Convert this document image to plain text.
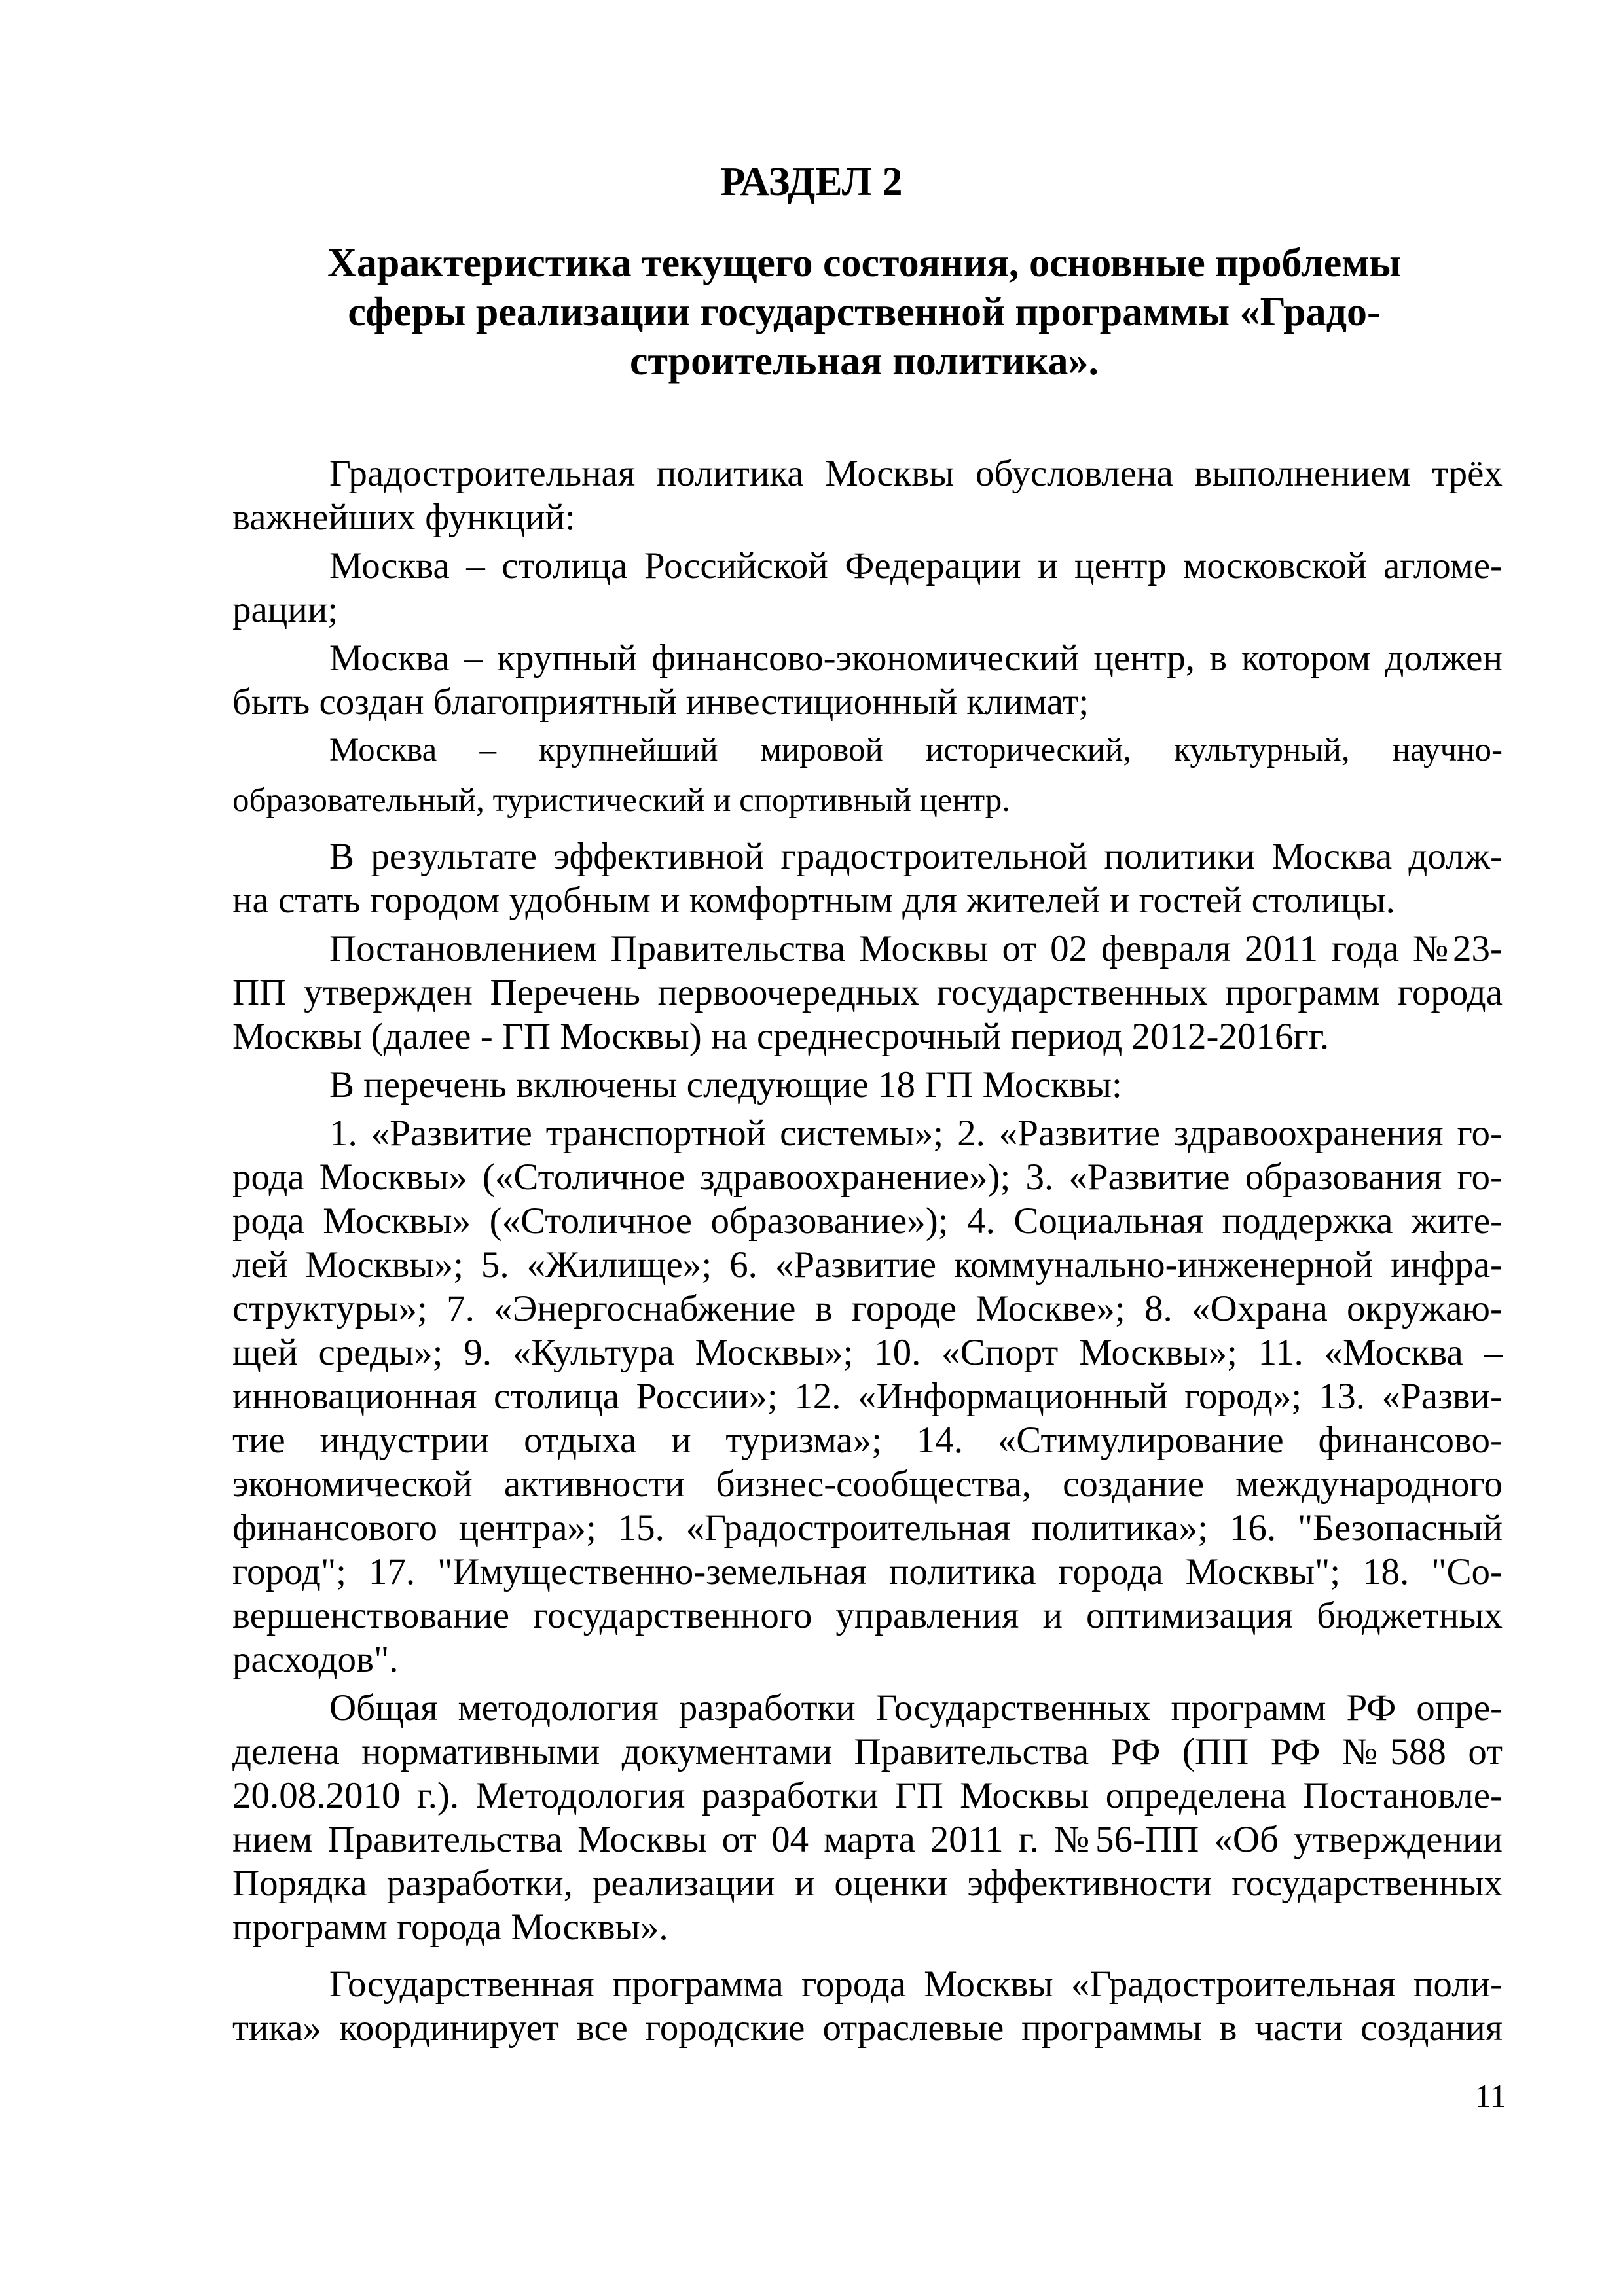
РАЗДЕЛ 2
Характеристика текущего состояния, основные проблемы
сферы реализации государственной программы «Градо-
строительная политика».
Градостроительная политика Москвы обусловлена выполнением трёх
важнейших функций:
Москва – столица Российской Федерации и центр московской агломе-
рации;
Москва – крупный финансово-экономический центр, в котором должен
быть создан благоприятный инвестиционный климат;
Москва – крупнейший мировой исторический, культурный, научно-
образовательный, туристический и спортивный центр.
В результате эффективной градостроительной политики Москва долж-
на стать городом удобным и комфортным для жителей и гостей столицы.
Постановлением Правительства Москвы от 02 февраля 2011 года №23-
ПП утвержден Перечень первоочередных государственных программ города
Москвы (далее - ГП Москвы) на среднесрочный период 2012-2016гг.
В перечень включены следующие 18 ГП Москвы:
1. «Развитие транспортной системы»; 2. «Развитие здравоохранения го-
рода Москвы» («Столичное здравоохранение»); 3. «Развитие образования го-
рода Москвы» («Столичное образование»); 4. Социальная поддержка жите-
лей Москвы»; 5. «Жилище»; 6. «Развитие коммунально-инженерной инфра-
структуры»; 7. «Энергоснабжение в городе Москве»; 8. «Охрана окружаю-
щей среды»; 9. «Культура Москвы»; 10. «Спорт Москвы»; 11. «Москва –
инновационная столица России»; 12. «Информационный город»; 13. «Разви-
тие индустрии отдыха и туризма»; 14. «Стимулирование финансово-
экономической активности бизнес-сообщества, создание международного
финансового центра»; 15. «Градостроительная политика»; 16. "Безопасный
город"; 17. "Имущественно-земельная политика города Москвы"; 18. "Со-
вершенствование государственного управления и оптимизация бюджетных
расходов".
Общая методология разработки Государственных программ РФ опре-
делена нормативными документами Правительства РФ (ПП РФ №588 от
20.08.2010 г.). Методология разработки ГП Москвы определена Постановле-
нием Правительства Москвы от 04 марта 2011 г. №56-ПП «Об утверждении
Порядка разработки, реализации и оценки эффективности государственных
программ города Москвы».
Государственная программа города Москвы «Градостроительная поли-
тика» координирует все городские отраслевые программы в части создания
11
